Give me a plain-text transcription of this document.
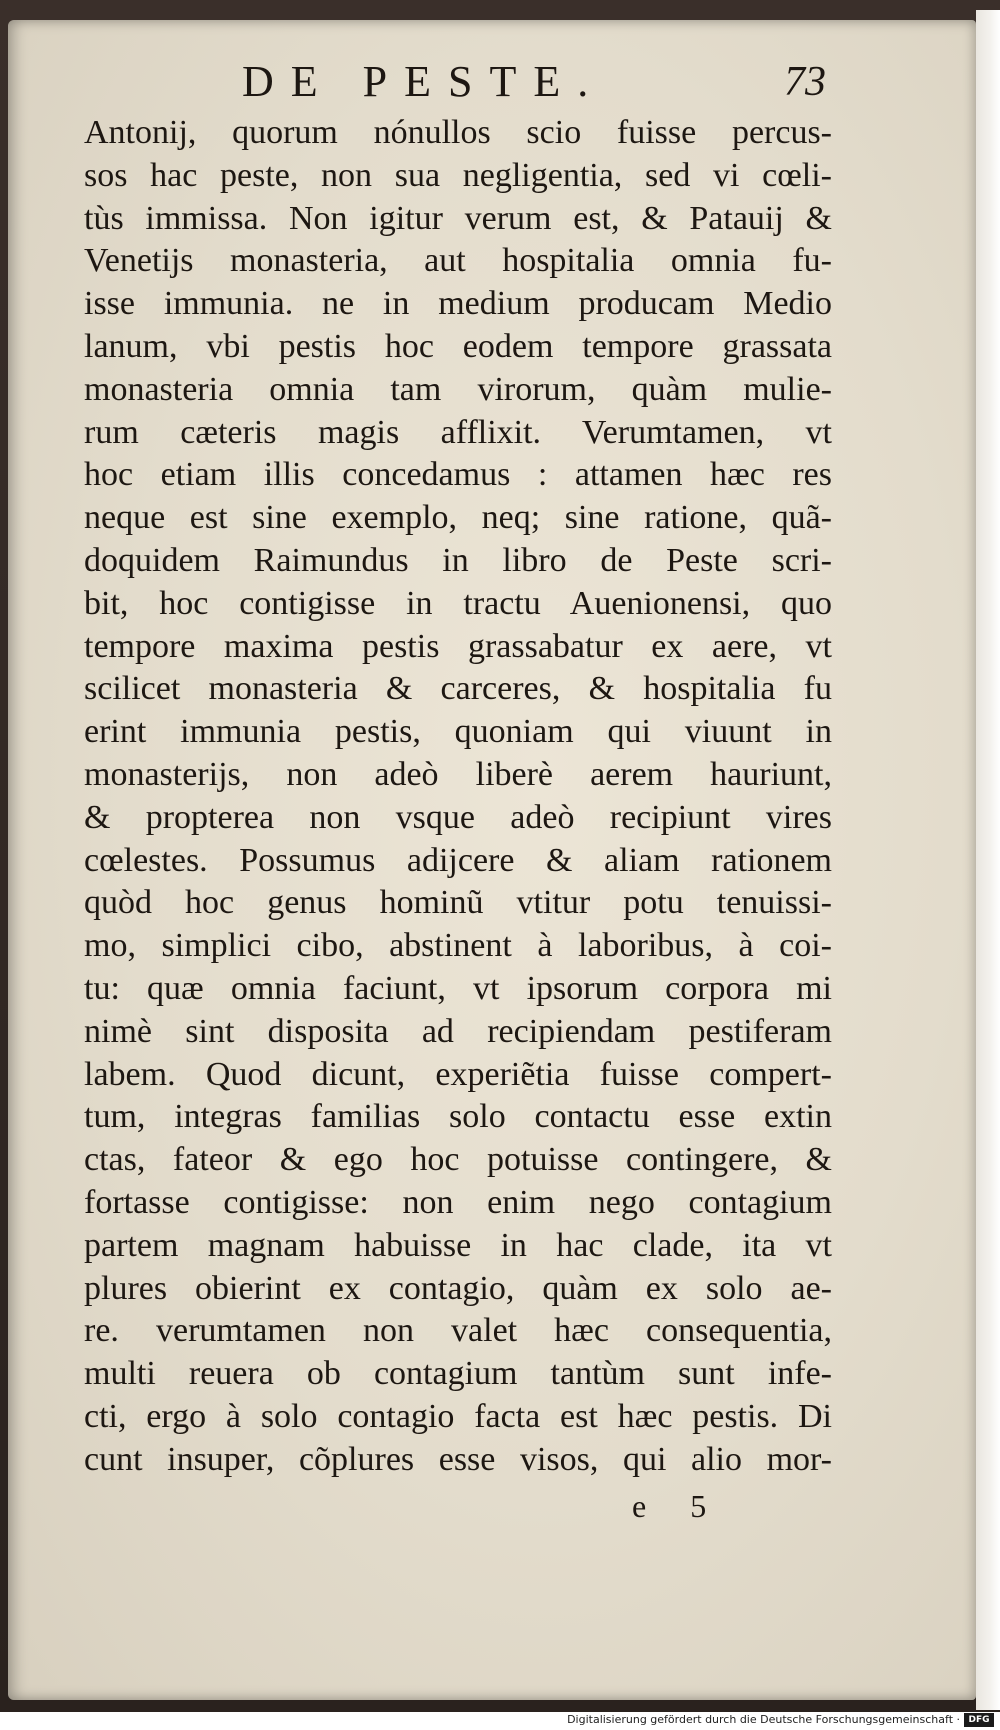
DE PESTE.	73
Antonij, quorum nónullos scio fuisse percus-
sos hac peste, non sua negligentia, sed vi cœli-
tùs immissa. Non igitur verum est, & Patauij &
Venetijs monasteria, aut hospitalia omnia fu-
isse immunia. ne in medium producam Medio
lanum, vbi pestis hoc eodem tempore grassata
monasteria omnia tam virorum, quàm mulie-
rum cæteris magis afflixit. Verumtamen, vt
hoc etiam illis concedamus : attamen hæc res
neque est sine exemplo, neq; sine ratione, quã-
doquidem Raimundus in libro de Peste scri-
bit, hoc contigisse in tractu Auenionensi, quo
tempore maxima pestis grassabatur ex aere, vt
scilicet monasteria & carceres, & hospitalia fu
erint immunia pestis, quoniam qui viuunt in
monasterijs, non adeò liberè aerem hauriunt,
& propterea non vsque adeò recipiunt vires
cœlestes. Possumus adijcere & aliam rationem
quòd hoc genus hominũ vtitur potu tenuissi-
mo, simplici cibo, abstinent à laboribus, à coi-
tu: quæ omnia faciunt, vt ipsorum corpora mi
nimè sint disposita ad recipiendam pestiferam
labem. Quod dicunt, experiẽtia fuisse compert-
tum, integras familias solo contactu esse extin
ctas, fateor & ego hoc potuisse contingere, &
fortasse contigisse: non enim nego contagium
partem magnam habuisse in hac clade, ita vt
plures obierint ex contagio, quàm ex solo ae-
re. verumtamen non valet hæc consequentia,
multi reuera ob contagium tantùm sunt infe-
cti, ergo à solo contagio facta est hæc pestis. Di
cunt insuper, cõplures esse visos, qui alio mor-
e 5
Digitalisierung gefördert durch die Deutsche Forschungsgemeinschaft · DFG
